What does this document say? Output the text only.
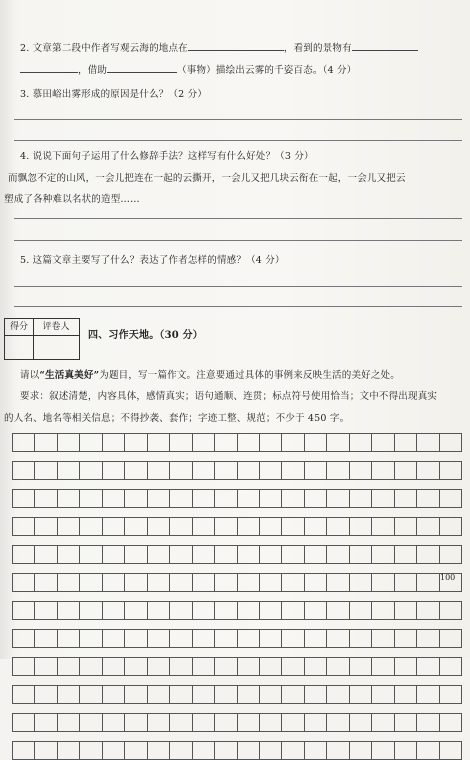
2. 文章第二段中作者写观云海的地点在	，看到的景物有
，借助	（事物）描绘出云雾的千姿百态。（4 分）
3. 慕田峪出雾形成的原因是什么？（2 分）
4. 说说下面句子运用了什么修辞手法？这样写有什么好处？（3 分）
而飘忽不定的山风，一会儿把连在一起的云撕开，一会儿又把几块云衔在一起，一会儿又把云
塑成了各种难以名状的造型……
5. 这篇文章主要写了什么？表达了作者怎样的情感？（4 分）
得分	评卷人
四、习作天地。（30 分）
请以“生活真美好”为题目，写一篇作文。注意要通过具体的事例来反映生活的美好之处。
要求：叙述清楚，内容具体，感情真实；语句通顺、连贯；标点符号使用恰当；文中不得出现真实
的人名、地名等相关信息；不得抄袭、套作；字迹工整、规范；不少于 450 字。
100
